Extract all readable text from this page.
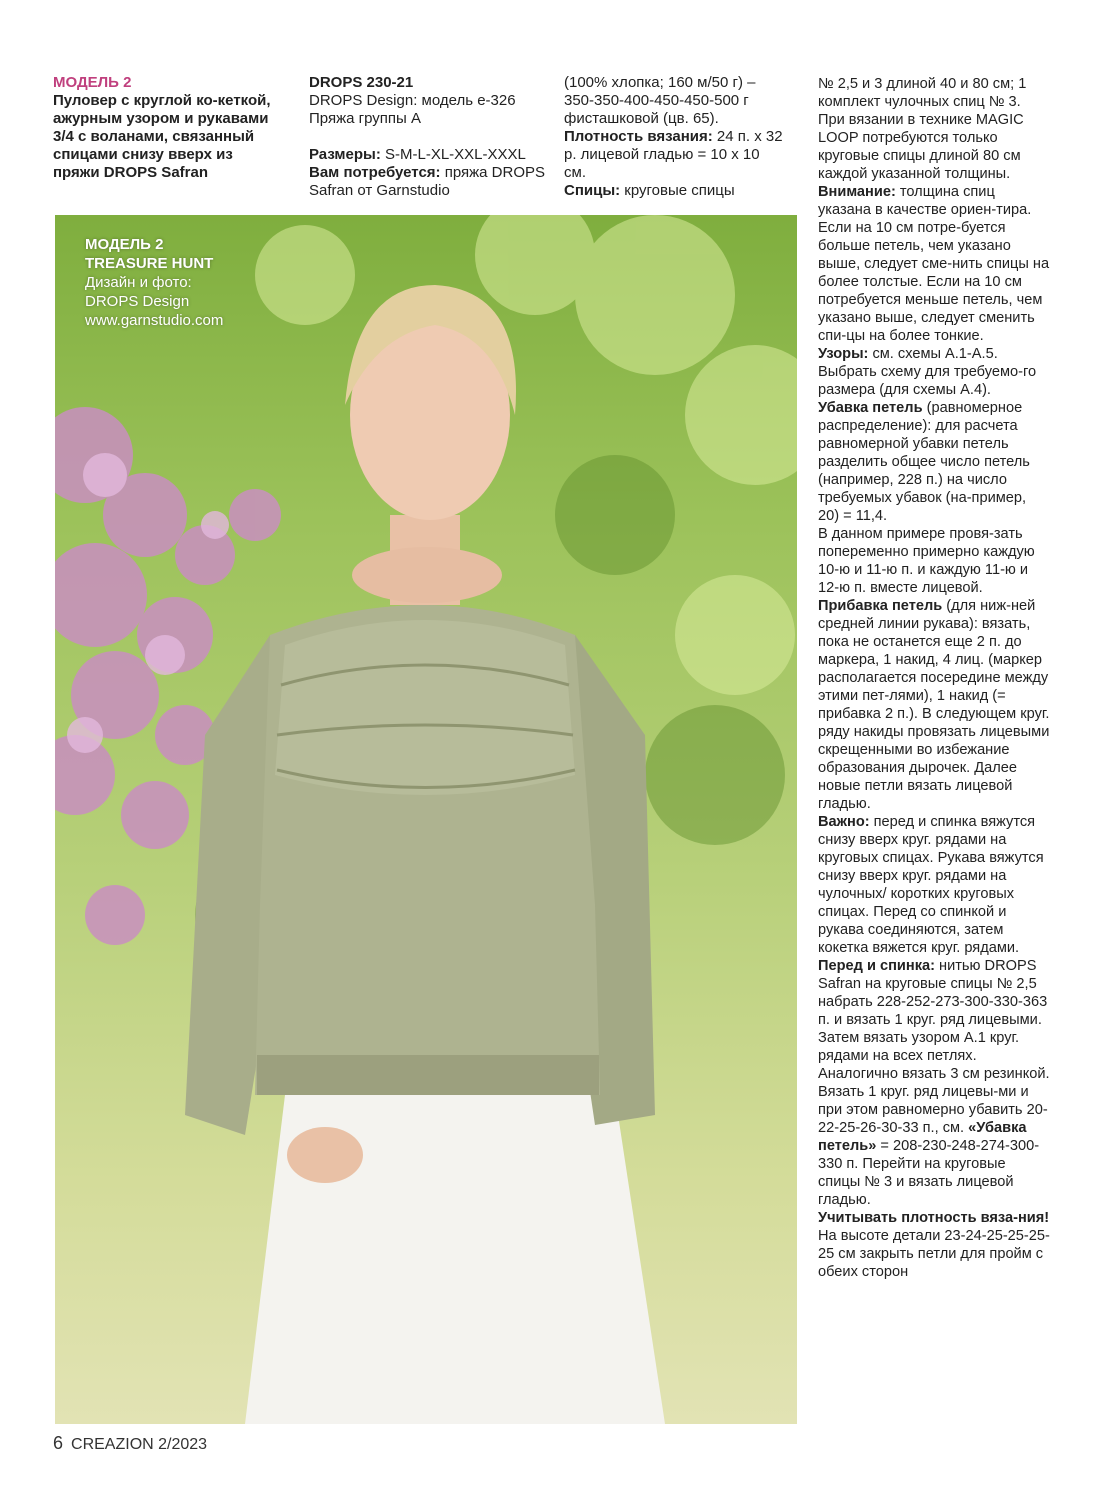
МОДЕЛЬ 2

Пуловер с круглой ко-кеткой, ажурным узором и рукавами 3/4 с воланами, связанный спицами снизу вверх из пряжи DROPS Safran

DROPS 230-21

DROPS Design: модель e-326

Пряжа группы А

Размеры: S-M-L-XL-XXL-XXXL

Вам потребуется: пряжа DROPS Safran от Garnstudio

(100% хлопка; 160 м/50 г) – 350-350-400-450-450-500 г фисташковой (цв. 65).

Плотность вязания: 24 п. х 32 р. лицевой гладью = 10 х 10 см.

Спицы: круговые спицы

МОДЕЛЬ 2
TREASURE HUNT
Дизайн и фото:
DROPS Design
www.garnstudio.com

№ 2,5 и 3 длиной 40 и 80 см; 1 комплект чулочных спиц № 3.

При вязании в технике MAGIC LOOP потребуются только круговые спицы длиной 80 см каждой указанной толщины.

Внимание: толщина спиц указана в качестве ориен-тира. Если на 10 см потре-буется больше петель, чем указано выше, следует сме-нить спицы на более толстые. Если на 10 см потребуется меньше петель, чем указано выше, следует сменить спи-цы на более тонкие.

Узоры: см. схемы А.1-А.5. Выбрать схему для требуемо-го размера (для схемы А.4).

Убавка петель (равномерное распределение): для расчета равномерной убавки петель разделить общее число петель (например, 228 п.) на число требуемых убавок (на-пример, 20) = 11,4.

В данном примере провя-зать попеременно примерно каждую 10-ю и 11-ю п. и каждую 11-ю и 12-ю п. вместе лицевой.

Прибавка петель (для ниж-ней средней линии рукава): вязать, пока не останется еще 2 п. до маркера, 1 накид, 4 лиц. (маркер располагается посередине между этими пет-лями), 1 накид (= прибавка 2 п.). В следующем круг. ряду накиды провязать лицевыми скрещенными во избежание образования дырочек. Далее новые петли вязать лицевой гладью.

Важно: перед и спинка вяжутся снизу вверх круг. рядами на круговых спицах. Рукава вяжутся снизу вверх круг. рядами на чулочных/ коротких круговых спицах. Перед со спинкой и рукава соединяются, затем кокетка вяжется круг. рядами.

Перед и спинка: нитью DROPS Safran на круговые спицы № 2,5 набрать 228-252-273-300-330-363 п. и вязать 1 круг. ряд лицевыми. Затем вязать узором А.1 круг. рядами на всех петлях. Аналогично вязать 3 см резинкой.

Вязать 1 круг. ряд лицевы-ми и при этом равномерно убавить 20-22-25-26-30-33 п., см. «Убавка петель» = 208-230-248-274-300-330 п. Перейти на круговые спицы № 3 и вязать лицевой гладью.

Учитывать плотность вяза-ния!

На высоте детали 23-24-25-25-25-25 см закрыть петли для пройм с обеих сторон

6 CREAZION 2/2023
